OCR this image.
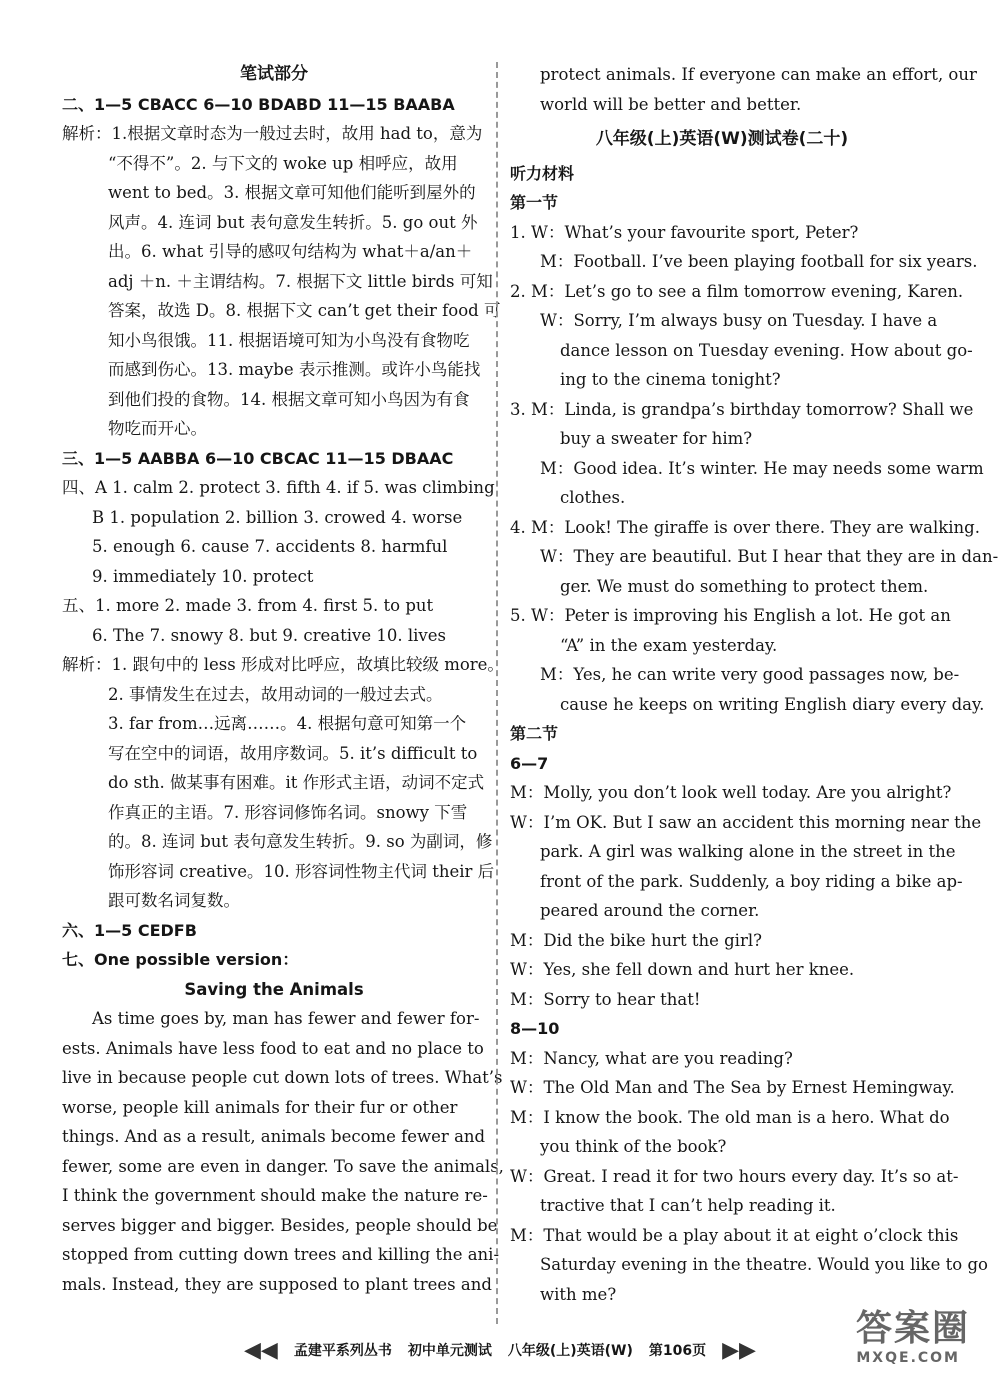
笔试部分
二、1—5 CBACC 6—10 BDABD 11—15 BAABA
解析：1.根据文章时态为一般过去时，故用 had to，意为
“不得不”。2. 与下文的 woke up 相呼应，故用
went to bed。3. 根据文章可知他们能听到屋外的
风声。4. 连词 but 表句意发生转折。5. go out 外
出。6. what 引导的感叹句结构为 what＋a/an＋
adj ＋n. ＋主谓结构。7. 根据下文 little birds 可知
答案，故选 D。8. 根据下文 can’t get their food 可
知小鸟很饿。11. 根据语境可知为小鸟没有食物吃
而感到伤心。13. maybe 表示推测。或许小鸟能找
到他们投的食物。14. 根据文章可知小鸟因为有食
物吃而开心。
三、1—5 AABBA 6—10 CBCAC 11—15 DBAAC
四、A 1. calm 2. protect 3. fifth 4. if 5. was climbing
B 1. population 2. billion 3. crowed 4. worse
5. enough 6. cause 7. accidents 8. harmful
9. immediately 10. protect
五、1. more 2. made 3. from 4. first 5. to put
6. The 7. snowy 8. but 9. creative 10. lives
解析：1. 跟句中的 less 形成对比呼应，故填比较级 more。
2. 事情发生在过去，故用动词的一般过去式。
3. far from…远离……。4. 根据句意可知第一个
写在空中的词语，故用序数词。5. it’s difficult to
do sth. 做某事有困难。it 作形式主语，动词不定式
作真正的主语。7. 形容词修饰名词。snowy 下雪
的。8. 连词 but 表句意发生转折。9. so 为副词，修
饰形容词 creative。10. 形容词性物主代词 their 后
跟可数名词复数。
六、1—5 CEDFB
七、One possible version：
Saving the Animals
As time goes by, man has fewer and fewer for-
ests. Animals have less food to eat and no place to
live in because people cut down lots of trees. What’s
worse, people kill animals for their fur or other
things. And as a result, animals become fewer and
fewer, some are even in danger. To save the animals,
I think the government should make the nature re-
serves bigger and bigger. Besides, people should be
stopped from cutting down trees and killing the ani-
mals. Instead, they are supposed to plant trees and
protect animals. If everyone can make an effort, our
world will be better and better.
八年级(上)英语(W)测试卷(二十)
听力材料
第一节
1. W：What’s your favourite sport, Peter?
M：Football. I’ve been playing football for six years.
2. M：Let’s go to see a film tomorrow evening, Karen.
W：Sorry, I’m always busy on Tuesday. I have a
dance lesson on Tuesday evening. How about go-
ing to the cinema tonight?
3. M：Linda, is grandpa’s birthday tomorrow? Shall we
buy a sweater for him?
M：Good idea. It’s winter. He may needs some warm
clothes.
4. M：Look! The giraffe is over there. They are walking.
W：They are beautiful. But I hear that they are in dan-
ger. We must do something to protect them.
5. W：Peter is improving his English a lot. He got an
“A” in the exam yesterday.
M：Yes, he can write very good passages now, be-
cause he keeps on writing English diary every day.
第二节
6—7
M：Molly, you don’t look well today. Are you alright?
W：I’m OK. But I saw an accident this morning near the
park. A girl was walking alone in the street in the
front of the park. Suddenly, a boy riding a bike ap-
peared around the corner.
M：Did the bike hurt the girl?
W：Yes, she fell down and hurt her knee.
M：Sorry to hear that!
8—10
M：Nancy, what are you reading?
W：The Old Man and The Sea by Ernest Hemingway.
M：I know the book. The old man is a hero. What do
you think of the book?
W：Great. I read it for two hours every day. It’s so at-
tractive that I can’t help reading it.
M：That would be a play about it at eight o’clock this
Saturday evening in the theatre. Would you like to go
with me?
◀◀ 孟建平系列丛书 初中单元测试 八年级(上)英语(W) 第106页 ▶▶
答案圈
MXQE.COM
